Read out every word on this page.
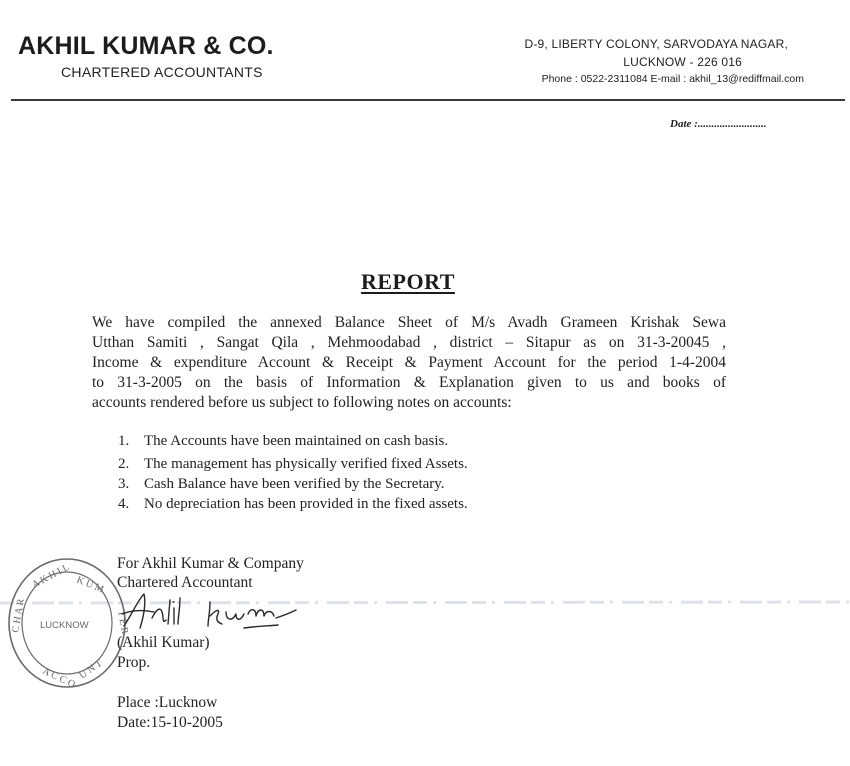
AKHIL KUMAR & CO.
CHARTERED ACCOUNTANTS
D-9, LIBERTY COLONY, SARVODAYA NAGAR,
LUCKNOW - 226 016
Phone : 0522-2311084 E-mail : akhil_13@rediffmail.com
Date :.........................
REPORT
We have compiled the annexed Balance Sheet of M/s Avadh Grameen Krishak Sewa
Utthan Samiti , Sangat Qila , Mehmoodabad , district – Sitapur as on 31-3-20045 ,
Income & expenditure Account & Receipt & Payment Account for the period 1-4-2004
to 31-3-2005 on the basis of Information & Explanation given to us and books of
accounts rendered before us subject to following notes on accounts:
1. The Accounts have been maintained on cash basis.
2. The management has physically verified fixed Assets.
3. Cash Balance have been verified by the Secretary.
4. No depreciation has been provided in the fixed assets.
A K H I L K U M
A C C O U N T
C H A R	T E R
LUCKNOW
For Akhil Kumar & Company
Chartered Accountant
(Akhil Kumar)
Prop.
Place :Lucknow
Date:15-10-2005
